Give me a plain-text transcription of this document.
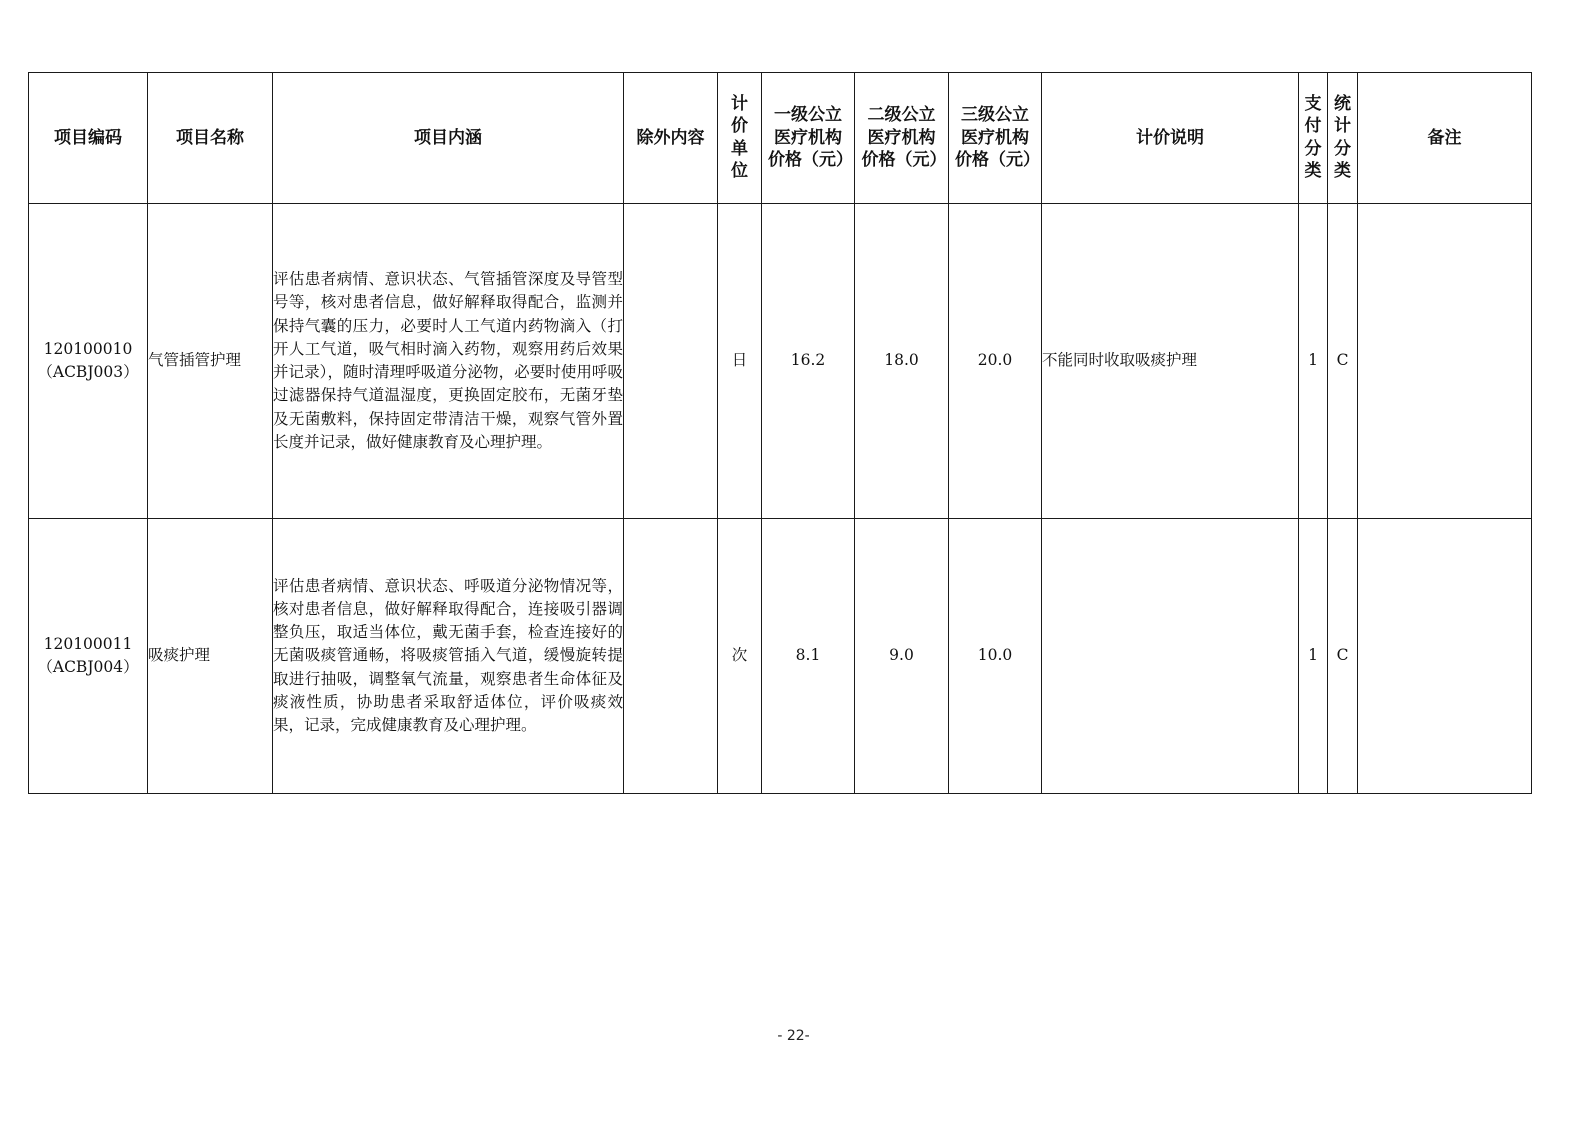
项目编码	项目名称	项目内涵	除外内容	计价单位	一级公立医疗机构价格（元）	二级公立医疗机构价格（元）	三级公立医疗机构价格（元）	计价说明	支付分类	统计分类	备注

120100010
（ACBJ003）	气管插管护理	评估患者病情、意识状态、气管插管深度及导管型号等，核对患者信息，做好解释取得配合，监测并保持气囊的压力，必要时人工气道内药物滴入（打开人工气道，吸气相时滴入药物，观察用药后效果并记录），随时清理呼吸道分泌物，必要时使用呼吸过滤器保持气道温湿度，更换固定胶布，无菌牙垫及无菌敷料，保持固定带清洁干燥，观察气管外置长度并记录，做好健康教育及心理护理。		日	16.2	18.0	20.0	不能同时收取吸痰护理	1	C	

120100011
（ACBJ004）	吸痰护理	评估患者病情、意识状态、呼吸道分泌物情况等，核对患者信息，做好解释取得配合，连接吸引器调整负压，取适当体位，戴无菌手套，检查连接好的无菌吸痰管通畅，将吸痰管插入气道，缓慢旋转提取进行抽吸，调整氧气流量，观察患者生命体征及痰液性质，协助患者采取舒适体位，评价吸痰效果，记录，完成健康教育及心理护理。		次	8.1	9.0	10.0		1	C	
- 22-
